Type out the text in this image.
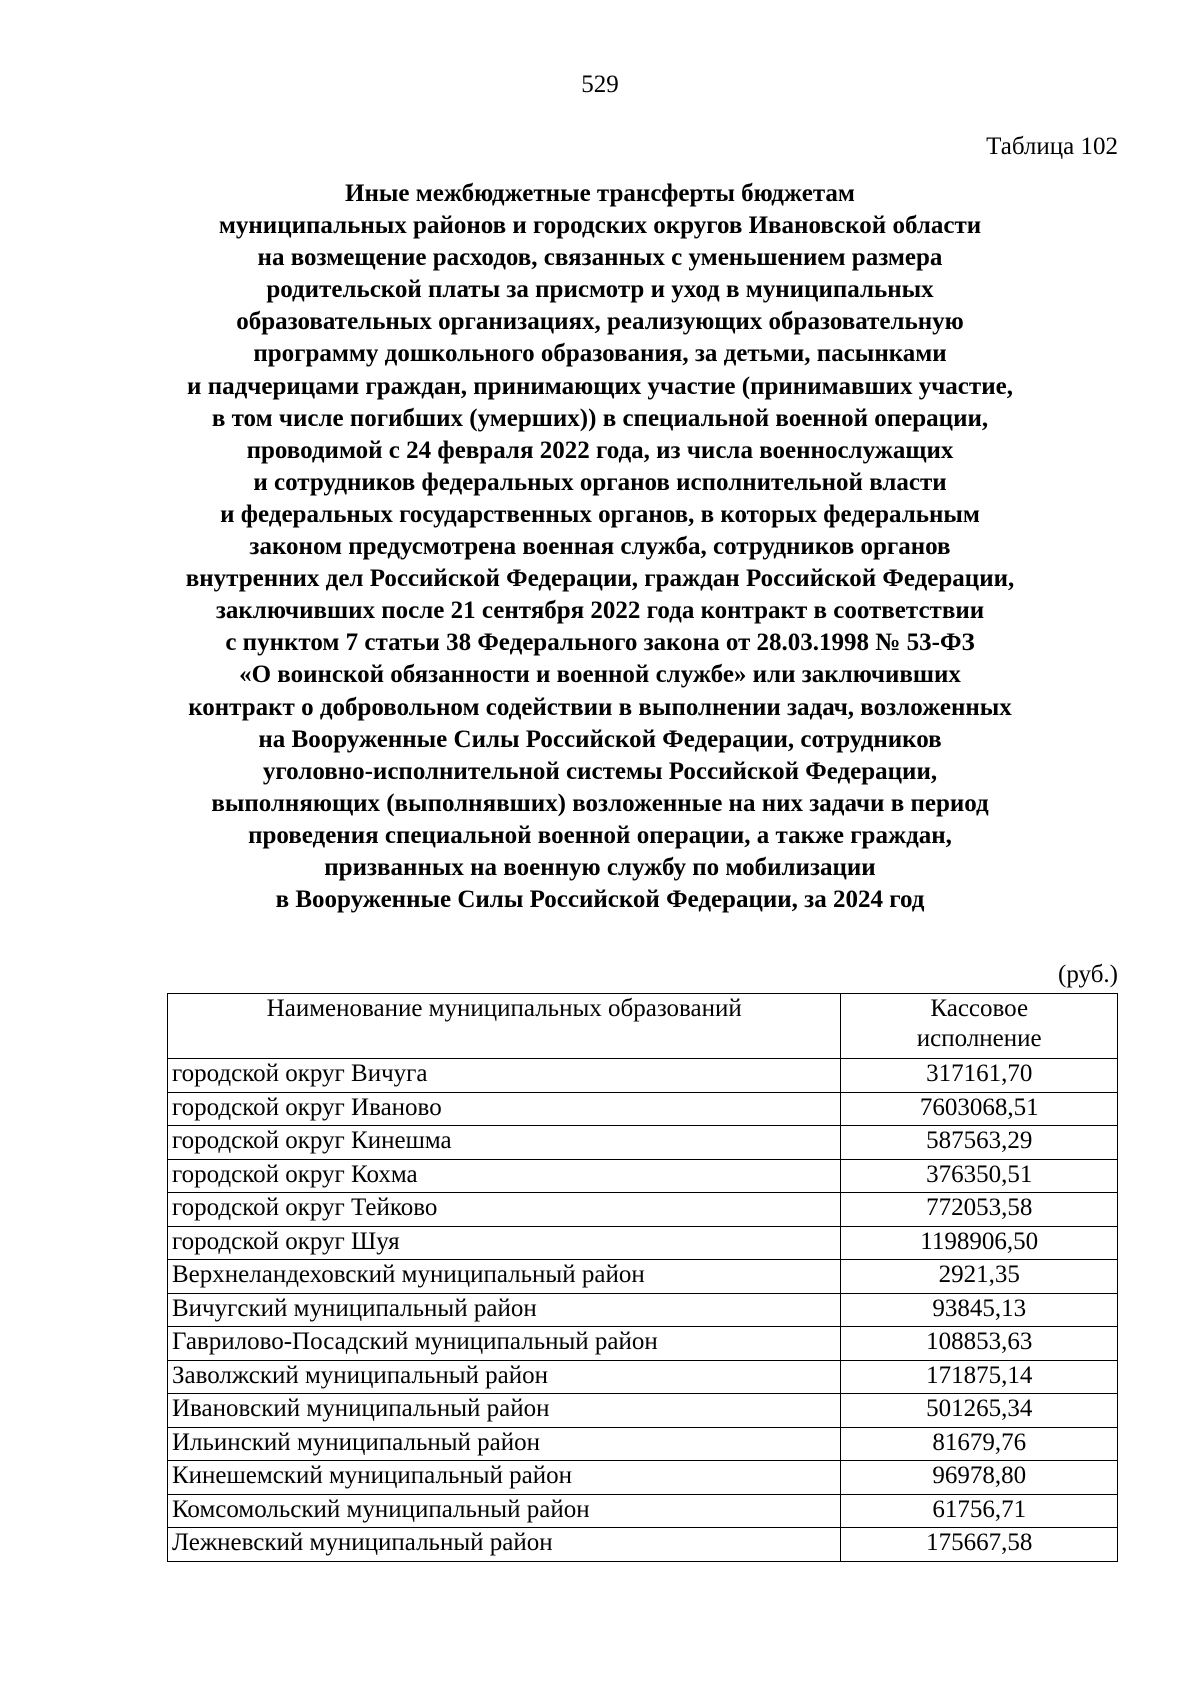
529
Таблица 102
Иные межбюджетные трансферты бюджетам
муниципальных районов и городских округов Ивановской области
на возмещение расходов, связанных с уменьшением размера
родительской платы за присмотр и уход в муниципальных
образовательных организациях, реализующих образовательную
программу дошкольного образования, за детьми, пасынками
и падчерицами граждан, принимающих участие (принимавших участие,
в том числе погибших (умерших)) в специальной военной операции,
проводимой с 24 февраля 2022 года, из числа военнослужащих
и сотрудников федеральных органов исполнительной власти
и федеральных государственных органов, в которых федеральным
законом предусмотрена военная служба, сотрудников органов
внутренних дел Российской Федерации, граждан Российской Федерации,
заключивших после 21 сентября 2022 года контракт в соответствии
с пунктом 7 статьи 38 Федерального закона от 28.03.1998 № 53-ФЗ
«О воинской обязанности и военной службе» или заключивших
контракт о добровольном содействии в выполнении задач, возложенных
на Вооруженные Силы Российской Федерации, сотрудников
уголовно-исполнительной системы Российской Федерации,
выполняющих (выполнявших) возложенные на них задачи в период
проведения специальной военной операции, а также граждан,
призванных на военную службу по мобилизации
в Вооруженные Силы Российской Федерации, за 2024 год
(руб.)
Наименование муниципальных образований	Кассовое
исполнение

городской округ Вичуга	317161,70
городской округ Иваново	7603068,51
городской округ Кинешма	587563,29
городской округ Кохма	376350,51
городской округ Тейково	772053,58
городской округ Шуя	1198906,50
Верхнеландеховский муниципальный район	2921,35
Вичугский муниципальный район	93845,13
Гаврилово-Посадский муниципальный район	108853,63
Заволжский муниципальный район	171875,14
Ивановский муниципальный район	501265,34
Ильинский муниципальный район	81679,76
Кинешемский муниципальный район	96978,80
Комсомольский муниципальный район	61756,71
Лежневский муниципальный район	175667,58
